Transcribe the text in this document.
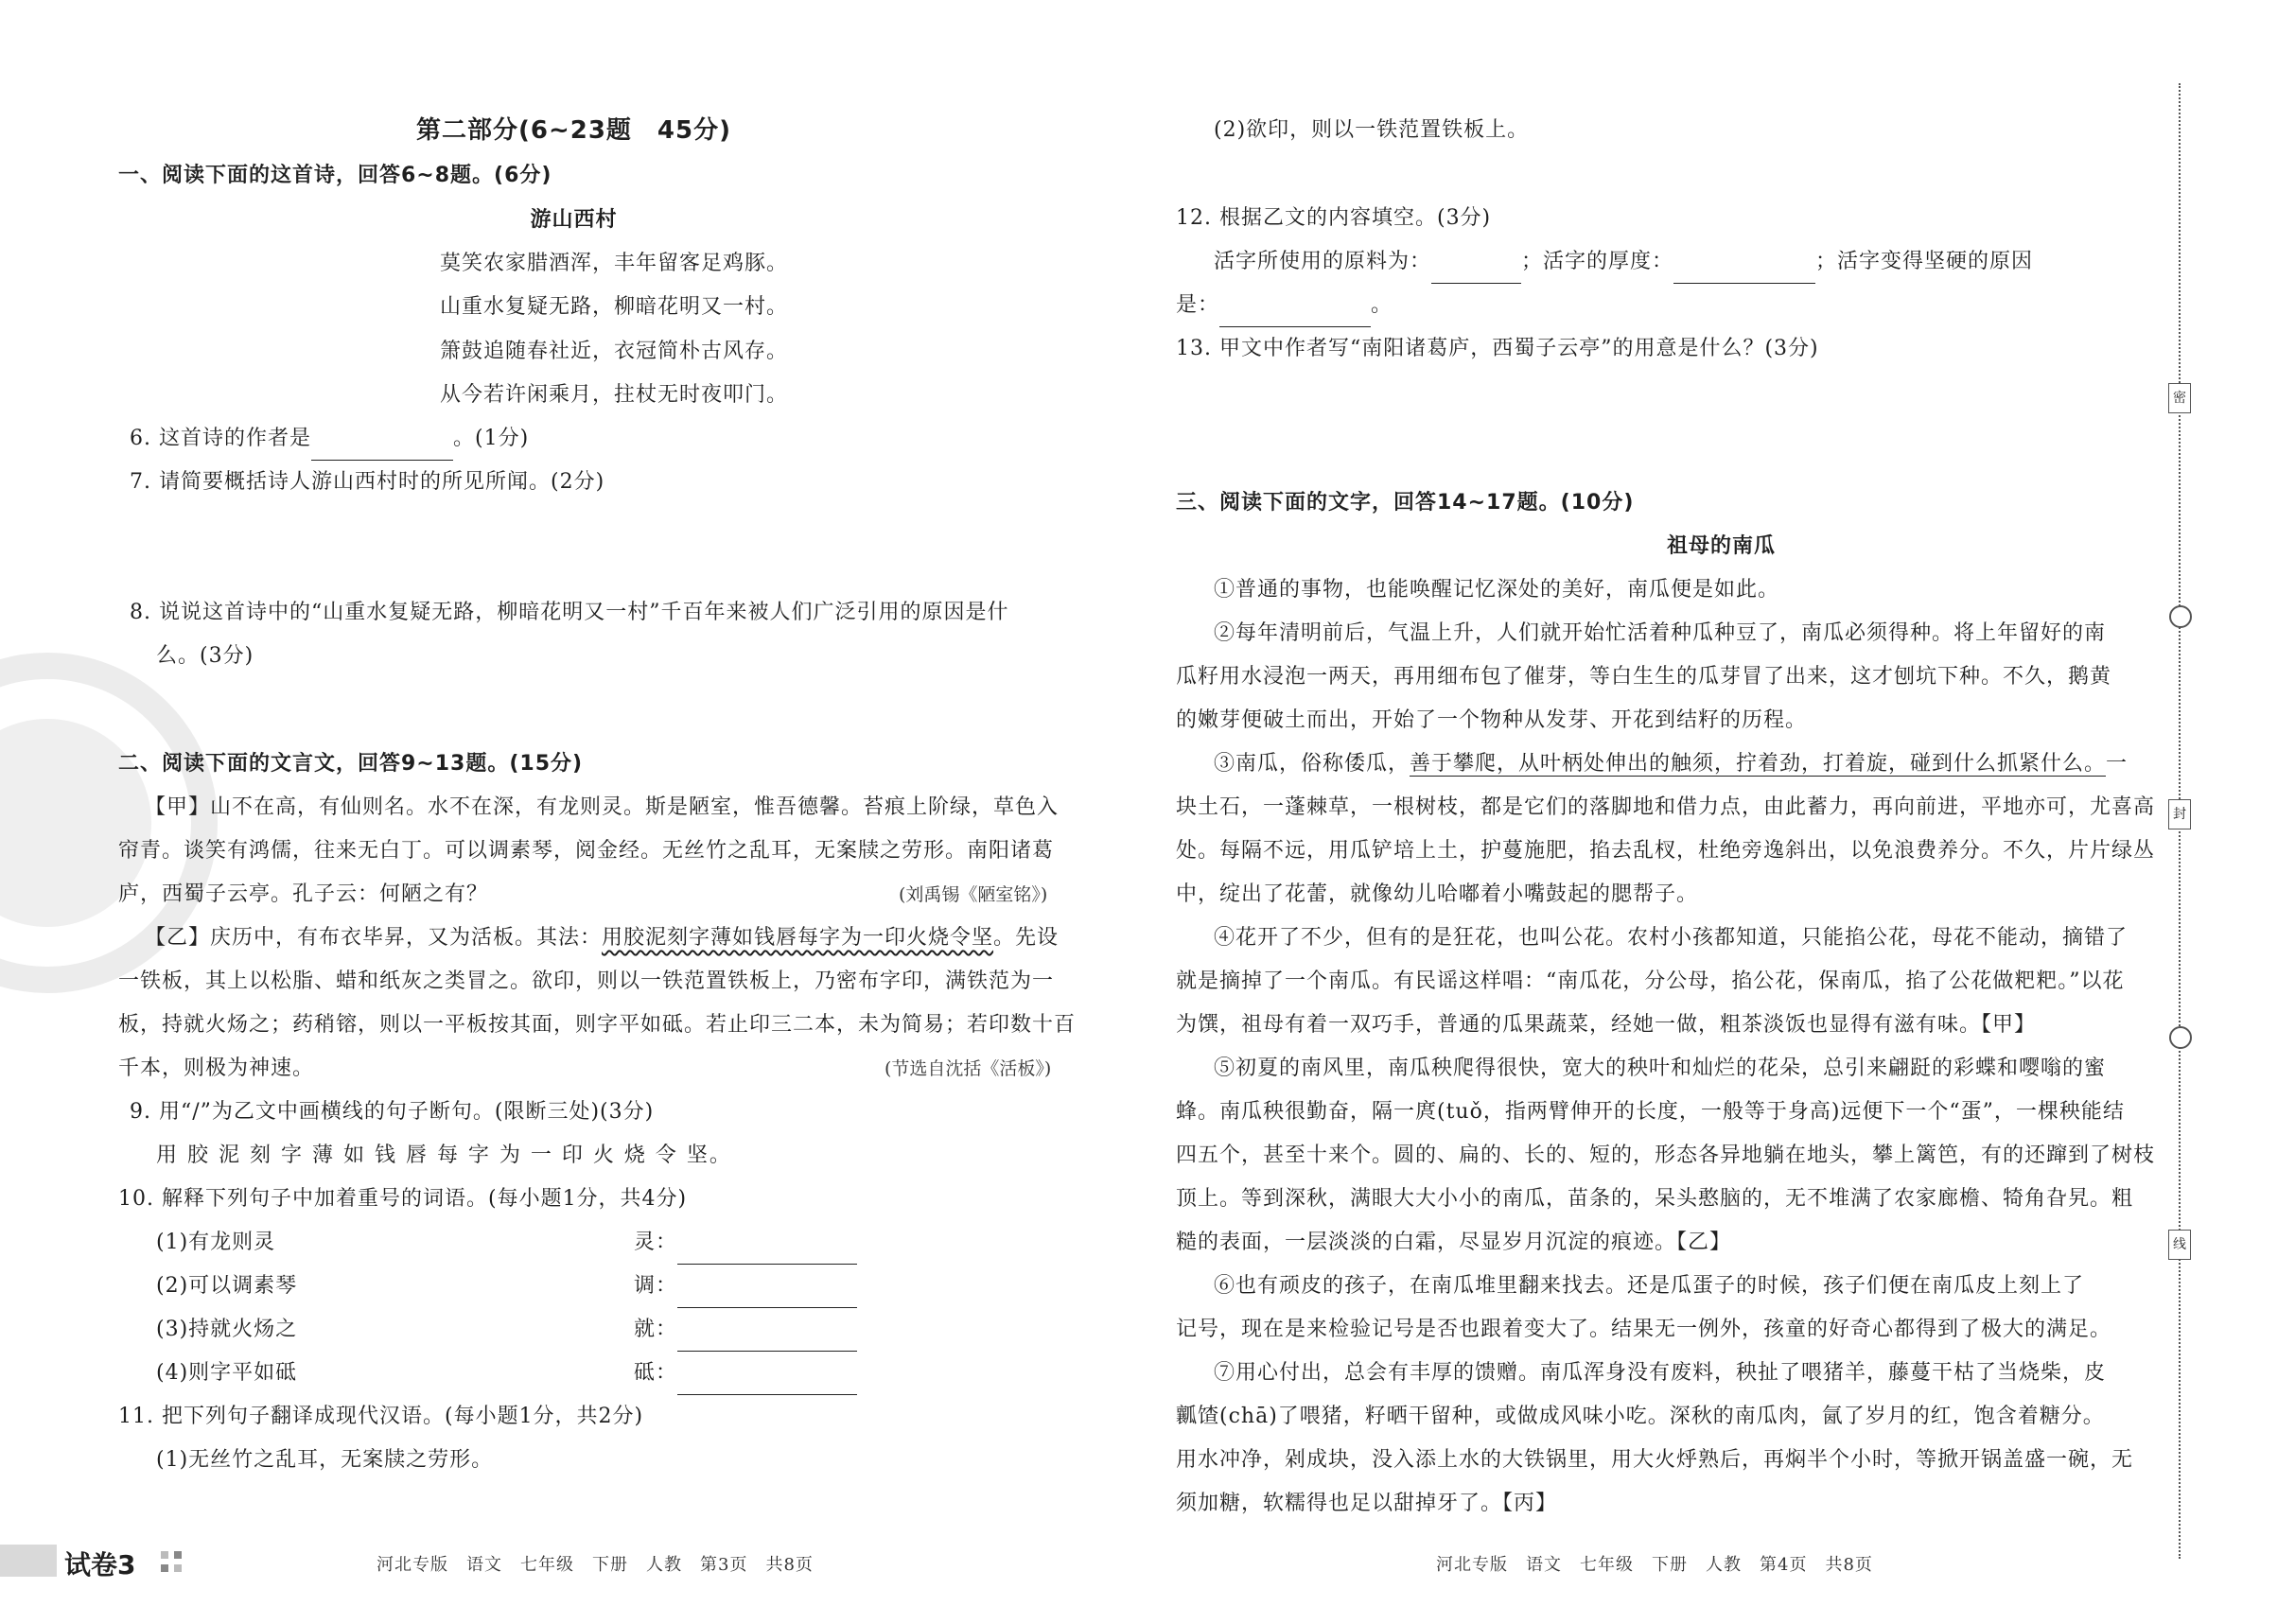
第二部分(6~23题　45分)
一、阅读下面的这首诗，回答6~8题。(6分)
游山西村
莫笑农家腊酒浑，丰年留客足鸡豚。
山重水复疑无路，柳暗花明又一村。
箫鼓追随春社近，衣冠简朴古风存。
从今若许闲乘月，拄杖无时夜叩门。
6. 这首诗的作者是	。(1分)
7. 请简要概括诗人游山西村时的所见所闻。(2分)
8. 说说这首诗中的“山重水复疑无路，柳暗花明又一村”千百年来被人们广泛引用的原因是什
么。(3分)
二、阅读下面的文言文，回答9~13题。(15分)
【甲】山不在高，有仙则名。水不在深，有龙则灵。斯是陋室，惟吾德馨。苔痕上阶绿，草色入
帘青。谈笑有鸿儒，往来无白丁。可以调素琴，阅金经。无丝竹之乱耳，无案牍之劳形。南阳诸葛
庐，西蜀子云亭。孔子云：何陋之有？	(刘禹锡《陋室铭》)
【乙】庆历中，有布衣毕昇，又为活板。其法：用胶泥刻字薄如钱唇每字为一印火烧令坚。先设
一铁板，其上以松脂、蜡和纸灰之类冒之。欲印，则以一铁范置铁板上，乃密布字印，满铁范为一
板，持就火炀之；药稍镕，则以一平板按其面，则字平如砥。若止印三二本，未为简易；若印数十百
千本，则极为神速。	(节选自沈括《活板》)
9. 用“/”为乙文中画横线的句子断句。(限断三处)(3分)
用 胶 泥 刻 字 薄 如 钱 唇 每 字 为 一 印 火 烧 令 坚。
10. 解释下列句子中加着重号的词语。(每小题1分，共4分)
(1)有龙则灵	灵：
(2)可以调素琴	调：
(3)持就火炀之	就：
(4)则字平如砥	砥：
11. 把下列句子翻译成现代汉语。(每小题1分，共2分)
(1)无丝竹之乱耳，无案牍之劳形。
试卷3	河北专版　语文　七年级　下册　人教　第3页　共8页
(2)欲印，则以一铁范置铁板上。
12. 根据乙文的内容填空。(3分)
活字所使用的原料为：	；活字的厚度：	；活字变得坚硬的原因
是：	。
13. 甲文中作者写“南阳诸葛庐，西蜀子云亭”的用意是什么？(3分)
三、阅读下面的文字，回答14~17题。(10分)
祖母的南瓜
①普通的事物，也能唤醒记忆深处的美好，南瓜便是如此。
②每年清明前后，气温上升，人们就开始忙活着种瓜种豆了，南瓜必须得种。将上年留好的南
瓜籽用水浸泡一两天，再用细布包了催芽，等白生生的瓜芽冒了出来，这才刨坑下种。不久，鹅黄
的嫩芽便破土而出，开始了一个物种从发芽、开花到结籽的历程。
③南瓜，俗称倭瓜，善于攀爬，从叶柄处伸出的触须，拧着劲，打着旋，碰到什么抓紧什么。一
块土石，一蓬棘草，一根树枝，都是它们的落脚地和借力点，由此蓄力，再向前进，平地亦可，尤喜高
处。每隔不远，用瓜铲培上土，护蔓施肥，掐去乱杈，杜绝旁逸斜出，以免浪费养分。不久，片片绿丛
中，绽出了花蕾，就像幼儿哈嘟着小嘴鼓起的腮帮子。
④花开了不少，但有的是狂花，也叫公花。农村小孩都知道，只能掐公花，母花不能动，摘错了
就是摘掉了一个南瓜。有民谣这样唱：“南瓜花，分公母，掐公花，保南瓜，掐了公花做粑粑。”以花
为馔，祖母有着一双巧手，普通的瓜果蔬菜，经她一做，粗茶淡饭也显得有滋有味。【甲】
⑤初夏的南风里，南瓜秧爬得很快，宽大的秧叶和灿烂的花朵，总引来翩跹的彩蝶和嘤嗡的蜜
蜂。南瓜秧很勤奋，隔一庹(tuǒ，指两臂伸开的长度，一般等于身高)远便下一个“蛋”，一棵秧能结
四五个，甚至十来个。圆的、扁的、长的、短的，形态各异地躺在地头，攀上篱笆，有的还蹿到了树枝
顶上。等到深秋，满眼大大小小的南瓜，苗条的，呆头憨脑的，无不堆满了农家廊檐、犄角旮旯。粗
糙的表面，一层淡淡的白霜，尽显岁月沉淀的痕迹。【乙】
⑥也有顽皮的孩子，在南瓜堆里翻来找去。还是瓜蛋子的时候，孩子们便在南瓜皮上刻上了
记号，现在是来检验记号是否也跟着变大了。结果无一例外，孩童的好奇心都得到了极大的满足。
⑦用心付出，总会有丰厚的馈赠。南瓜浑身没有废料，秧扯了喂猪羊，藤蔓干枯了当烧柴，皮
瓤馇(chā)了喂猪，籽晒干留种，或做成风味小吃。深秋的南瓜肉，氤了岁月的红，饱含着糖分。
用水冲净，剁成块，没入添上水的大铁锅里，用大火烀熟后，再焖半个小时，等掀开锅盖盛一碗，无
须加糖，软糯得也足以甜掉牙了。【丙】
河北专版　语文　七年级　下册　人教　第4页　共8页
密
封
线
